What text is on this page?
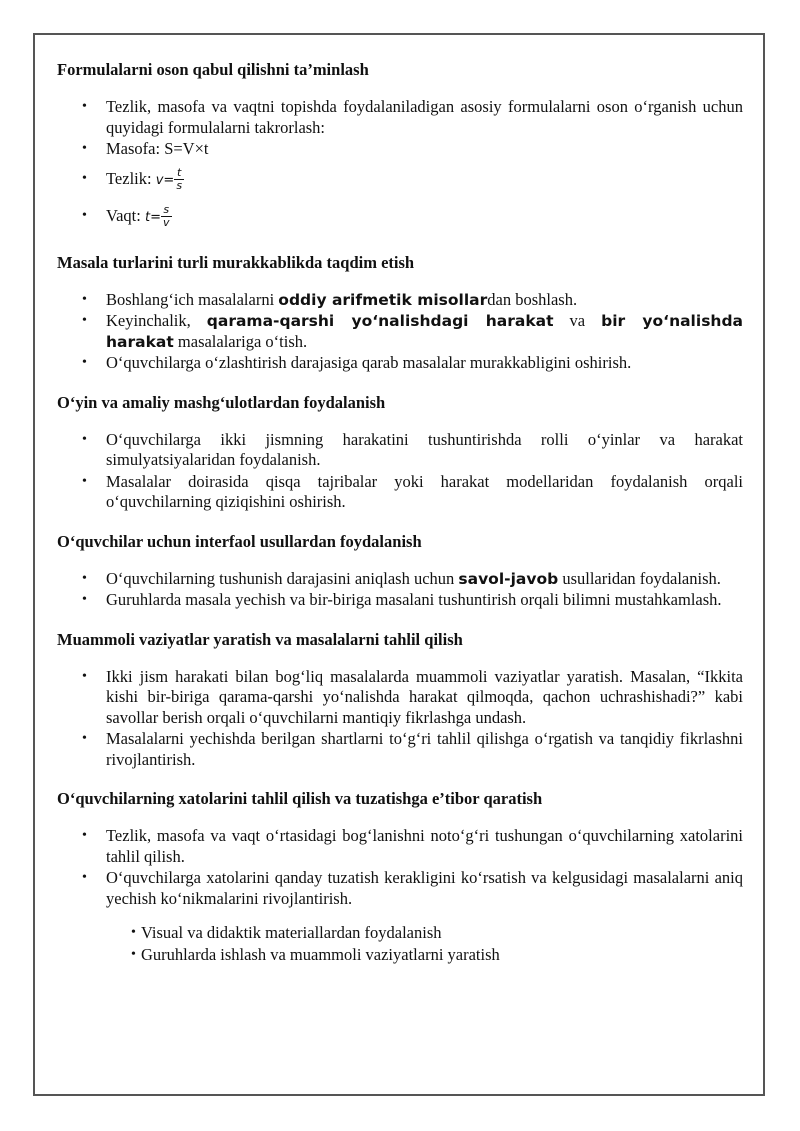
Formulalarni oson qabul qilishni ta’minlash
• Tezlik, masofa va vaqtni topishda foydalaniladigan asosiy formulalarni oson o‘rganish uchun quyidagi formulalarni takrorlash:
• Masofa: S=V×t
• Tezlik: $v= \frac{t}{s}$
• Vaqt: $t= \frac{s}{v}$
Masala turlarini turli murakkablikda taqdim etish
• Boshlang‘ich masalalarni oddiy arifmetik misollardan boshlash.
• Keyinchalik, qarama-qarshi yo‘nalishdagi harakat va bir yo‘nalishda harakat masalalariga o‘tish.
• O‘quvchilarga o‘zlashtirish darajasiga qarab masalalar murakkabligini oshirish.
O‘yin va amaliy mashg‘ulotlardan foydalanish
• O‘quvchilarga ikki jismning harakatini tushuntirishda rolli o‘yinlar va harakat simulyatsiyalaridan foydalanish.
• Masalalar doirasida qisqa tajribalar yoki harakat modellaridan foydalanish orqali o‘quvchilarning qiziqishini oshirish.
O‘quvchilar uchun interfaol usullardan foydalanish
• O‘quvchilarning tushunish darajasini aniqlash uchun savol-javob usullaridan foydalanish.
• Guruhlarda masala yechish va bir-biriga masalani tushuntirish orqali bilimni mustahkamlash.
Muammoli vaziyatlar yaratish va masalalarni tahlil qilish
• Ikki jism harakati bilan bog‘liq masalalarda muammoli vaziyatlar yaratish. Masalan, “Ikkita kishi bir-biriga qarama-qarshi yo‘nalishda harakat qilmoqda, qachon uchrashishadi?” kabi savollar berish orqali o‘quvchilarni mantiqiy fikrlashga undash.
• Masalalarni yechishda berilgan shartlarni to‘g‘ri tahlil qilishga o‘rgatish va tanqidiy fikrlashni rivojlantirish.
O‘quvchilarning xatolarini tahlil qilish va tuzatishga e’tibor qaratish
• Tezlik, masofa va vaqt o‘rtasidagi bog‘lanishni noto‘g‘ri tushungan o‘quvchilarning xatolarini tahlil qilish.
• O‘quvchilarga xatolarini qanday tuzatish kerakligini ko‘rsatish va kelgusidagi masalalarni aniq yechish ko‘nikmalarini rivojlantirish.
• Visual va didaktik materiallardan foydalanish
• Guruhlarda ishlash va muammoli vaziyatlarni yaratish
